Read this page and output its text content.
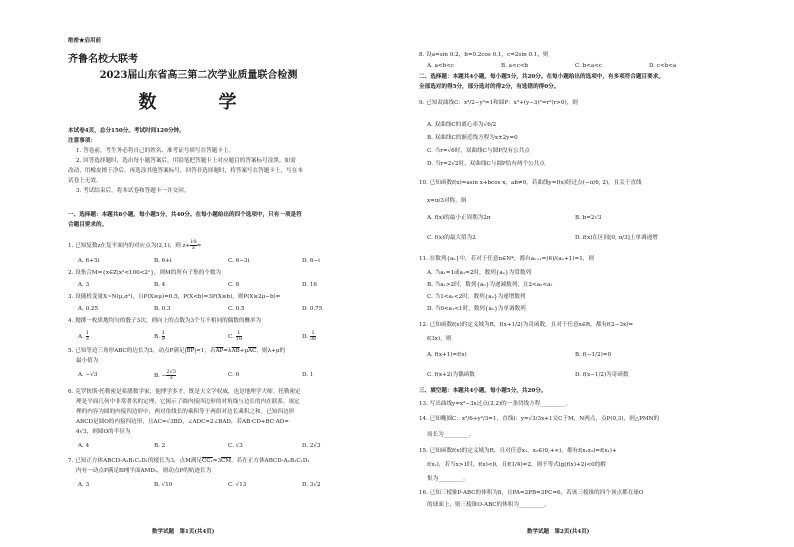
绝密★启用前
齐鲁名校大联考
2023届山东省高三第二次学业质量联合检测
数　学
本试卷4页，总分150分。考试时间120分钟。
注意事项：
1. 答卷前，考生务必将自己的姓名、准考证号填写在答题卡上。
2. 回答选择题时，选出每小题答案后，用铅笔把答题卡上对应题目的答案标号涂黑。如需
改动，用橡皮擦干净后，再选涂其他答案标号。回答非选择题时，将答案写在答题卡上，写在本
试卷上无效。
3. 考试结束后，将本试卷和答题卡一并交回。
一、选择题：本题共8小题，每小题5分，共40分。在每小题给出的四个选项中，只有一项是符
合题目要求的。
1. 已知复数z在复平面内的对应点为(2,1)，则 $z+ \frac{10}{z}$ =
A. 6+3i	B. 6+i	C. 6−3i	D. 6−i
2. 设集合M={x∈Z|x²<100<2ˣ}，则M的所有子集的个数为
A. 3	B. 4	C. 8	D. 16
3. 设随机变量X~N(μ,σ²)，且P(X≥μ)=0.5，P(X<b)=3P(X≥b)，则P(X≤2μ−b)=
A. 0.25	B. 0.3	C. 0.5	D. 0.75
4. 抛掷一枚质地均匀的骰子3次，则向上的点数为3个互不相同的偶数的概率为
A. $\frac{1}{3}$	B. $\frac{1}{9}$	C. $\frac{1}{18}$	D. $\frac{1}{36}$
5. 已知等边三角形ABC的边长为3，动点P满足$|\overline{BP}|=1$，若$\overline{AP}=\lambda\overline{AB}+\mu\overline{AC}$，则λ+μ的
最小值为
A. −√3	B. − $\frac{2√3}{3}$	C. 0	D. 1
6. 克罗狄斯·托勒密是希腊数学家，他博学多才，既是天文学权威，也是地理学大师。托勒密定
理是平面几何中非常著名的定理，它揭示了圆内接四边形的对角线与边长的内在联系，该定
理的内容为圆的内接四边形中，两对角线长的乘积等于两组对边长乘积之和。已知四边形
ABCD是圆O的内接四边形，且AC=√3BD，∠ADC=2∠BAD，若AB·CD+BC·AD=
4√3，则圆O的半径为
A. 4	B. 2	C. √3	D. 2√3
7. 已知正方体ABCD-A₁B₁C₁D₁的棱长为3，点M满足$CC_1=3\overline{CM}$，若在正方体ABCD-A₁B₁C₁D₁
内有一动点P满足BP∥平面AMD₁，则动点P的轨迹长为
A. 3	B. √10	C. √13	D. 3√2
数学试题　第1页(共4页)
8. 设a=sin 0.2，b=0.2cos 0.1，c=2sin 0.1，则
A. a<b<c	B. a<c<b	C. b<a<c	D. c<b<a
二、选择题：本题共4小题，每小题5分，共20分。在每小题给出的选项中，有多项符合题目要求。
全部选对的得5分，部分选对的得2分，有选错的得0分。
9. 已知双曲线C：x²/2−y²=1和圆P：x²+(y−3)²=r²(r>0)，则
A. 双曲线C的离心率为√6/2
B. 双曲线C的渐近线方程为x±2y=0
C. 当r=√6时，双曲线C与圆P没有公共点
D. 当r=2√2时，双曲线C与圆P恰有两个公共点
10. 已知函数f(x)=asin x+bcos x，ab≠0，若曲线y=f(x)经过点(−π/6, 2)，且关于直线
x=π/3对称，则
A. f(x)的最小正周期为2π	B. b=2√3
C. f(x)的最大值为2	D. f(x)在区间[0, π/3]上单调递增
11. 在数列{aₙ}中，若对于任意n∈N*，都有aₙ₊₁=(6)/(aₙ+1)=1，则
A. 当a₁=1或a₁=2时，数列{aₙ}为常数列
B. 当a₁>2时，数列{aₙ}为递减数列，且2<aₙ<a₁
C. 当1<a₁<2时，数列{aₙ}为递增数列
D. 当0<a₁<1时，数列{aₙ}为单调数列
12. 已知函数f(x)的定义域为R，f(x+1/2)为奇函数，且对于任意x∈R，都有f(2−3x)=
f(3x)，则
A. f(x+1)=f(x)	B. f(−1/2)=0
C. f(x+2)为偶函数	D. f(x−1/2)为奇函数
三、填空题：本题共4小题，每小题5分，共20分。
13. 写出曲线y=x³−3x过点(2,2)的一条切线方程_________。
14. 已知椭圆C：x²/6+y²/3=1，直线l：y=√3/3x+1交C于M，N两点，点P(0,3)，则△PMN的
周长为_________。
15. 已知函数f(x)的定义域为R，且对任意x₁，x₂∈(0,+∞)，都有f(x₁x₂)=f(x₁)+
f(x₂)，若当x>1时，f(x)<0，且f(1/4)=2，则不等式lg(f(x)+2)<0的解
集为_________。
16. 已知三棱锥P-ABC的体积为8，且PA=2PB=3PC=6，若该三棱锥的四个顶点都在球O
的球面上，则三棱锥O-ABC的体积为_________。
数学试题　第2页(共4页)
